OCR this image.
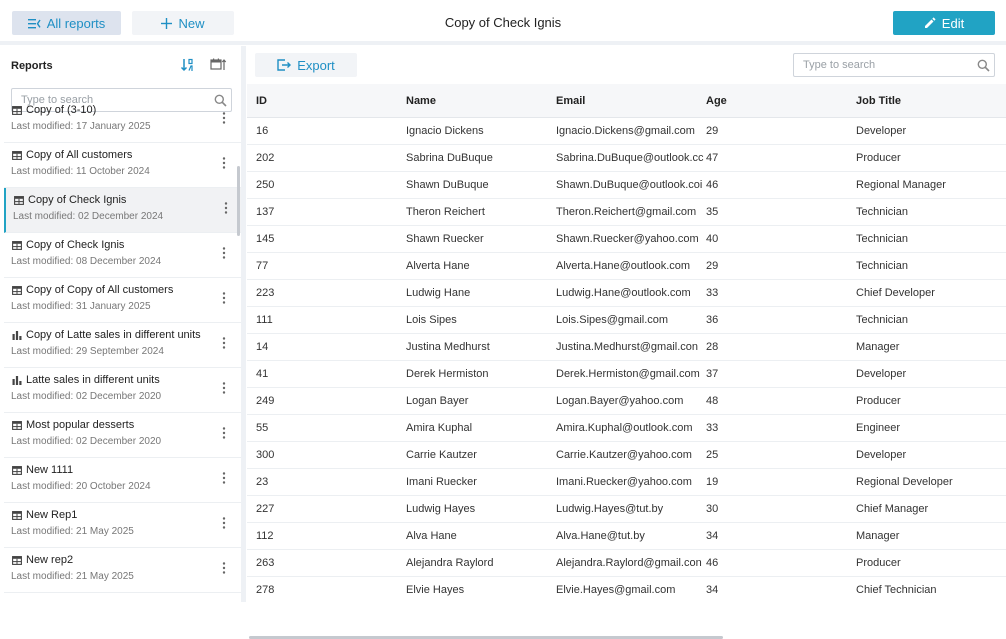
All reports	New	Copy of Check Ignis	Edit
Reports
Type to search
Copy of (3-10)
Last modified: 17 January 2025
Copy of All customers
Last modified: 11 October 2024
Copy of Check Ignis
Last modified: 02 December 2024
Copy of Check Ignis
Last modified: 08 December 2024
Copy of Copy of All customers
Last modified: 31 January 2025
Copy of Latte sales in different units
Last modified: 29 September 2024
Latte sales in different units
Last modified: 02 December 2020
Most popular desserts
Last modified: 02 December 2020
New 1111
Last modified: 20 October 2024
New Rep1
Last modified: 21 May 2025
New rep2
Last modified: 21 May 2025
Export
Type to search
ID	Name	Email	Age	Job Title
16	Ignacio Dickens	Ignacio.Dickens@gmail.com	29	Developer
202	Sabrina DuBuque	Sabrina.DuBuque@outlook.cc 47	Producer
250	Shawn DuBuque	Shawn.DuBuque@outlook.coi 46	Regional Manager
137	Theron Reichert	Theron.Reichert@gmail.com 35	Technician
145	Shawn Ruecker	Shawn.Ruecker@yahoo.com 40	Technician
77	Alverta Hane	Alverta.Hane@outlook.com	29	Technician
223	Ludwig Hane	Ludwig.Hane@outlook.com	33	Chief Developer
111	Lois Sipes	Lois.Sipes@gmail.com	36	Technician
14	Justina Medhurst	Justina.Medhurst@gmail.con 28	Manager
41	Derek Hermiston	Derek.Hermiston@gmail.com 37	Developer
249	Logan Bayer	Logan.Bayer@yahoo.com	48	Producer
55	Amira Kuphal	Amira.Kuphal@outlook.com	33	Engineer
300	Carrie Kautzer	Carrie.Kautzer@yahoo.com	25	Developer
23	Imani Ruecker	Imani.Ruecker@yahoo.com	19	Regional Developer
227	Ludwig Hayes	Ludwig.Hayes@tut.by	30	Chief Manager
112	Alva Hane	Alva.Hane@tut.by	34	Manager
263	Alejandra Raylord	Alejandra.Raylord@gmail.con 46	Producer
278	Elvie Hayes	Elvie.Hayes@gmail.com	34	Chief Technician
